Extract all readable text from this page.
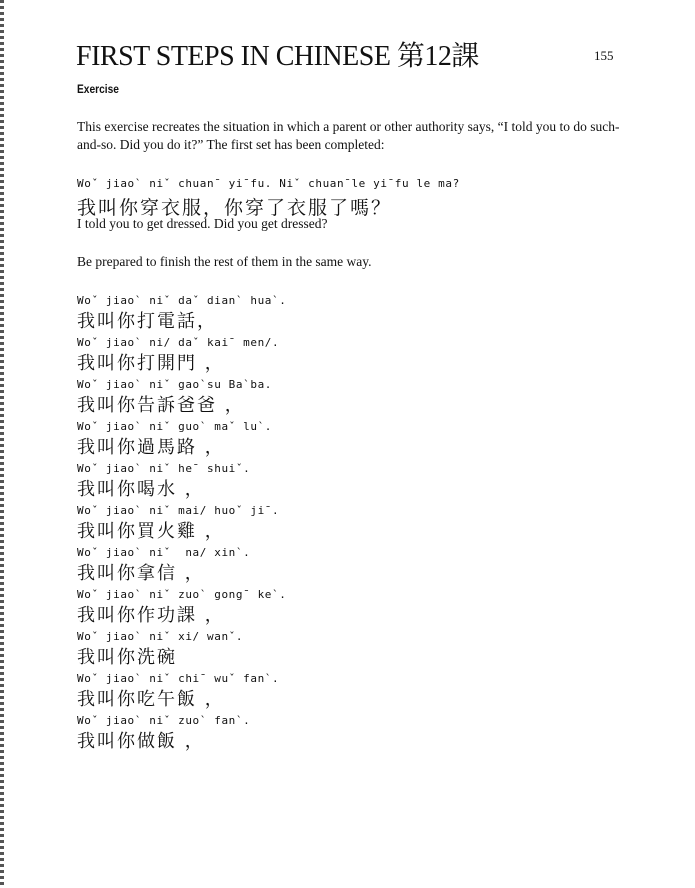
FIRST STEPS IN CHINESE 第12課	155
Exercise
This exercise recreates the situation in which a parent or other authority says, “I told you to do such-and-so. Did you do it?” The first set has been completed:
Woˇ jiao` niˇ chuan¯ yi¯fu. Niˇ chuan¯le yi¯fu le ma?
我叫你穿衣服，你穿了衣服了嗎？
I told you to get dressed. Did you get dressed?
Be prepared to finish the rest of them in the same way.
Woˇ jiao` niˇ daˇ dian` hua`.
我叫你打電話，
Woˇ jiao` ni/ daˇ kai¯ men/.
我叫你打開門 ，
Woˇ jiao` niˇ gao`su Ba`ba.
我叫你告訴爸爸 ，
Woˇ jiao` niˇ guo` maˇ lu`.
我叫你過馬路 ，
Woˇ jiao` niˇ he¯ shuiˇ.
我叫你喝水 ，
Woˇ jiao` niˇ mai/ huoˇ ji¯.
我叫你買火雞 ，
Woˇ jiao` niˇ  na/ xin`.
我叫你拿信 ，
Woˇ jiao` niˇ zuo` gong¯ ke`.
我叫你作功課 ，
Woˇ jiao` niˇ xi/ wanˇ.
我叫你洗碗
Woˇ jiao` niˇ chi¯ wuˇ fan`.
我叫你吃午飯 ，
Woˇ jiao` niˇ zuo` fan`.
我叫你做飯 ，
